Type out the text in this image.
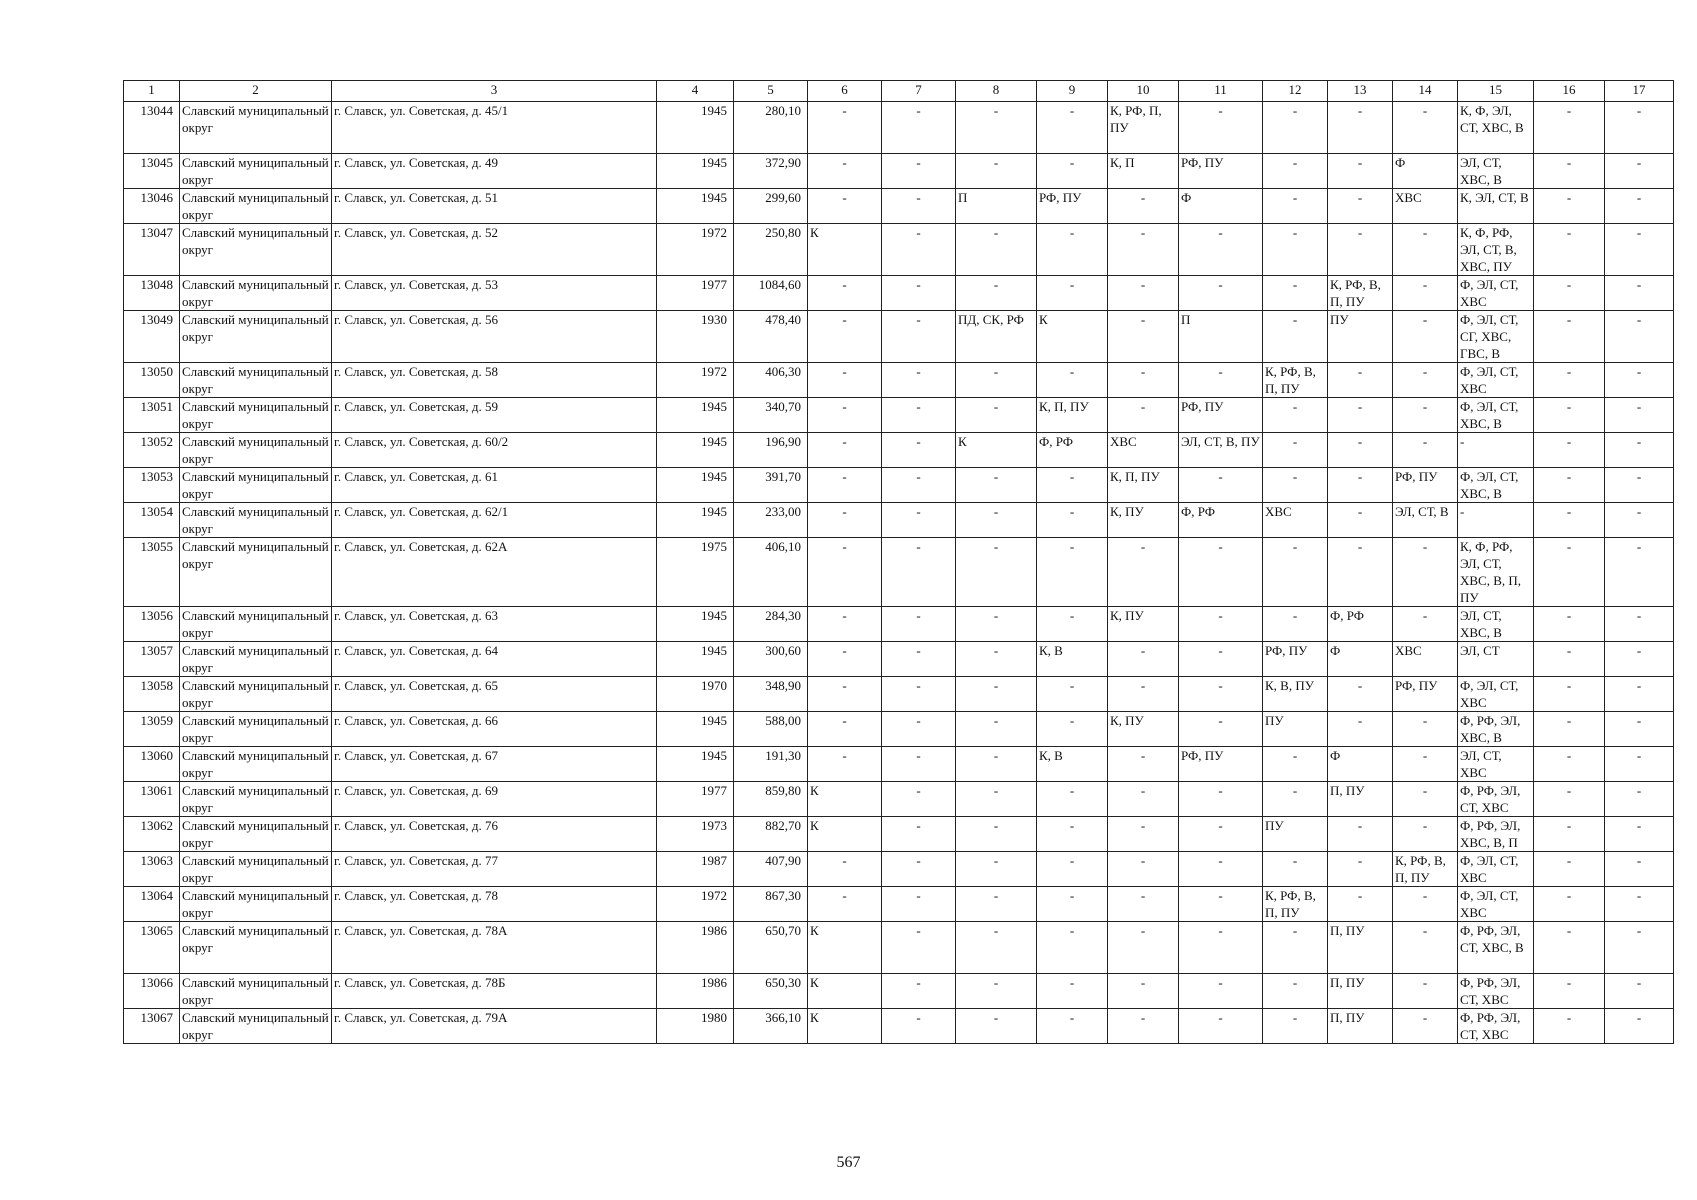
1	2	3	4	5	6	7	8	9	10	11	12	13	14	15	16	17
13044	Славский муниципальный округ	г. Славск, ул. Советская, д. 45/1	1945	280,10	-	-	-	-	К, РФ, П, ПУ	-	-	-	-	К, Ф, ЭЛ, СТ, ХВС, В	-	-
13045	Славский муниципальный округ	г. Славск, ул. Советская, д. 49	1945	372,90	-	-	-	-	К, П	РФ, ПУ	-	-	Ф	ЭЛ, СТ, ХВС, В	-	-
13046	Славский муниципальный округ	г. Славск, ул. Советская, д. 51	1945	299,60	-	-	П	РФ, ПУ	-	Ф	-	-	ХВС	К, ЭЛ, СТ, В	-	-
13047	Славский муниципальный округ	г. Славск, ул. Советская, д. 52	1972	250,80	К	-	-	-	-	-	-	-	-	К, Ф, РФ, ЭЛ, СТ, В, ХВС, ПУ	-	-
13048	Славский муниципальный округ	г. Славск, ул. Советская, д. 53	1977	1084,60	-	-	-	-	-	-	-	К, РФ, В, П, ПУ	-	Ф, ЭЛ, СТ, ХВС	-	-
13049	Славский муниципальный округ	г. Славск, ул. Советская, д. 56	1930	478,40	-	-	ПД, СК, РФ	К	-	П	-	ПУ	-	Ф, ЭЛ, СТ, СГ, ХВС, ГВС, В	-	-
13050	Славский муниципальный округ	г. Славск, ул. Советская, д. 58	1972	406,30	-	-	-	-	-	-	К, РФ, В, П, ПУ	-	-	Ф, ЭЛ, СТ, ХВС	-	-
13051	Славский муниципальный округ	г. Славск, ул. Советская, д. 59	1945	340,70	-	-	-	К, П, ПУ	-	РФ, ПУ	-	-	-	Ф, ЭЛ, СТ, ХВС, В	-	-
13052	Славский муниципальный округ	г. Славск, ул. Советская, д. 60/2	1945	196,90	-	-	К	Ф, РФ	ХВС	ЭЛ, СТ, В, ПУ	-	-	-	-	-	-
13053	Славский муниципальный округ	г. Славск, ул. Советская, д. 61	1945	391,70	-	-	-	-	К, П, ПУ	-	-	-	РФ, ПУ	Ф, ЭЛ, СТ, ХВС, В	-	-
13054	Славский муниципальный округ	г. Славск, ул. Советская, д. 62/1	1945	233,00	-	-	-	-	К, ПУ	Ф, РФ	ХВС	-	ЭЛ, СТ, В	-	-	-
13055	Славский муниципальный округ	г. Славск, ул. Советская, д. 62А	1975	406,10	-	-	-	-	-	-	-	-	-	К, Ф, РФ, ЭЛ, СТ, ХВС, В, П, ПУ	-	-
13056	Славский муниципальный округ	г. Славск, ул. Советская, д. 63	1945	284,30	-	-	-	-	К, ПУ	-	-	Ф, РФ	-	ЭЛ, СТ, ХВС, В	-	-
13057	Славский муниципальный округ	г. Славск, ул. Советская, д. 64	1945	300,60	-	-	-	К, В	-	-	РФ, ПУ	Ф	ХВС	ЭЛ, СТ	-	-
13058	Славский муниципальный округ	г. Славск, ул. Советская, д. 65	1970	348,90	-	-	-	-	-	-	К, В, ПУ	-	РФ, ПУ	Ф, ЭЛ, СТ, ХВС	-	-
13059	Славский муниципальный округ	г. Славск, ул. Советская, д. 66	1945	588,00	-	-	-	-	К, ПУ	-	ПУ	-	-	Ф, РФ, ЭЛ, ХВС, В	-	-
13060	Славский муниципальный округ	г. Славск, ул. Советская, д. 67	1945	191,30	-	-	-	К, В	-	РФ, ПУ	-	Ф	-	ЭЛ, СТ, ХВС	-	-
13061	Славский муниципальный округ	г. Славск, ул. Советская, д. 69	1977	859,80	К	-	-	-	-	-	-	П, ПУ	-	Ф, РФ, ЭЛ, СТ, ХВС	-	-
13062	Славский муниципальный округ	г. Славск, ул. Советская, д. 76	1973	882,70	К	-	-	-	-	-	ПУ	-	-	Ф, РФ, ЭЛ, ХВС, В, П	-	-
13063	Славский муниципальный округ	г. Славск, ул. Советская, д. 77	1987	407,90	-	-	-	-	-	-	-	-	К, РФ, В, П, ПУ	Ф, ЭЛ, СТ, ХВС	-	-
13064	Славский муниципальный округ	г. Славск, ул. Советская, д. 78	1972	867,30	-	-	-	-	-	-	К, РФ, В, П, ПУ	-	-	Ф, ЭЛ, СТ, ХВС	-	-
13065	Славский муниципальный округ	г. Славск, ул. Советская, д. 78А	1986	650,70	К	-	-	-	-	-	-	П, ПУ	-	Ф, РФ, ЭЛ, СТ, ХВС, В	-	-
13066	Славский муниципальный округ	г. Славск, ул. Советская, д. 78Б	1986	650,30	К	-	-	-	-	-	-	П, ПУ	-	Ф, РФ, ЭЛ, СТ, ХВС	-	-
13067	Славский муниципальный округ	г. Славск, ул. Советская, д. 79А	1980	366,10	К	-	-	-	-	-	-	П, ПУ	-	Ф, РФ, ЭЛ, СТ, ХВС	-	-
567
